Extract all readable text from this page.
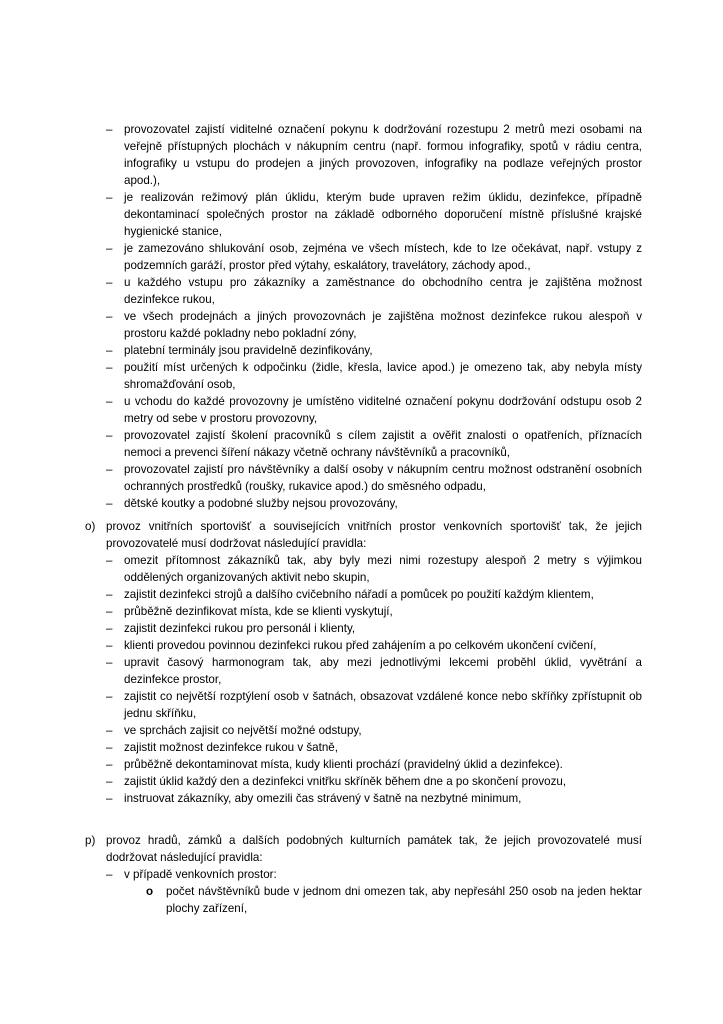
– provozovatel zajistí viditelné označení pokynu k dodržování rozestupu 2 metrů mezi osobami na veřejně přístupných plochách v nákupním centru (např. formou infografiky, spotů v rádiu centra, infografiky u vstupu do prodejen a jiných provozoven, infografiky na podlaze veřejných prostor apod.),
– je realizován režimový plán úklidu, kterým bude upraven režim úklidu, dezinfekce, případně dekontaminací společných prostor na základě odborného doporučení místně příslušné krajské hygienické stanice,
– je zamezováno shlukování osob, zejména ve všech místech, kde to lze očekávat, např. vstupy z podzemních garáží, prostor před výtahy, eskalátory, travelátory, záchody apod.,
– u každého vstupu pro zákazníky a zaměstnance do obchodního centra je zajištěna možnost dezinfekce rukou,
– ve všech prodejnách a jiných provozovnách je zajištěna možnost dezinfekce rukou alespoň v prostoru každé pokladny nebo pokladní zóny,
– platební terminály jsou pravidelně dezinfikovány,
– použití míst určených k odpočinku (židle, křesla, lavice apod.) je omezeno tak, aby nebyla místy shromažďování osob,
– u vchodu do každé provozovny je umístěno viditelné označení pokynu dodržování odstupu osob 2 metry od sebe v prostoru provozovny,
– provozovatel zajistí školení pracovníků s cílem zajistit a ověřit znalosti o opatřeních, příznacích nemoci a prevenci šíření nákazy včetně ochrany návštěvníků a pracovníků,
– provozovatel zajistí pro návštěvníky a další osoby v nákupním centru možnost odstranění osobních ochranných prostředků (roušky, rukavice apod.) do směsného odpadu,
– dětské koutky a podobné služby nejsou provozovány,
o) provoz vnitřních sportovišť a souvisejících vnitřních prostor venkovních sportovišť tak, že jejich provozovatelé musí dodržovat následující pravidla:
– omezit přítomnost zákazníků tak, aby byly mezi nimi rozestupy alespoň 2 metry s výjimkou oddělených organizovaných aktivit nebo skupin,
– zajistit dezinfekci strojů a dalšího cvičebního nářadí a pomůcek po použití každým klientem,
– průběžně dezinfikovat místa, kde se klienti vyskytují,
– zajistit dezinfekci rukou pro personál i klienty,
– klienti provedou povinnou dezinfekci rukou před zahájením a po celkovém ukončení cvičení,
– upravit časový harmonogram tak, aby mezi jednotlivými lekcemi proběhl úklid, vyvětrání a dezinfekce prostor,
– zajistit co největší rozptýlení osob v šatnách, obsazovat vzdálené konce nebo skříňky zpřístupnit ob jednu skříňku,
– ve sprchách zajisit co největší možné odstupy,
– zajistit možnost dezinfekce rukou v šatně,
– průběžně dekontaminovat místa, kudy klienti prochází (pravidelný úklid a dezinfekce).
– zajistit úklid každý den a dezinfekci vnitřku skříněk během dne a po skončení provozu,
– instruovat zákazníky, aby omezili čas strávený v šatně na nezbytné minimum,
p) provoz hradů, zámků a dalších podobných kulturních památek tak, že jejich provozovatelé musí dodržovat následující pravidla:
– v případě venkovních prostor:
o počet návštěvníků bude v jednom dni omezen tak, aby nepřesáhl 250 osob na jeden hektar plochy zařízení,
